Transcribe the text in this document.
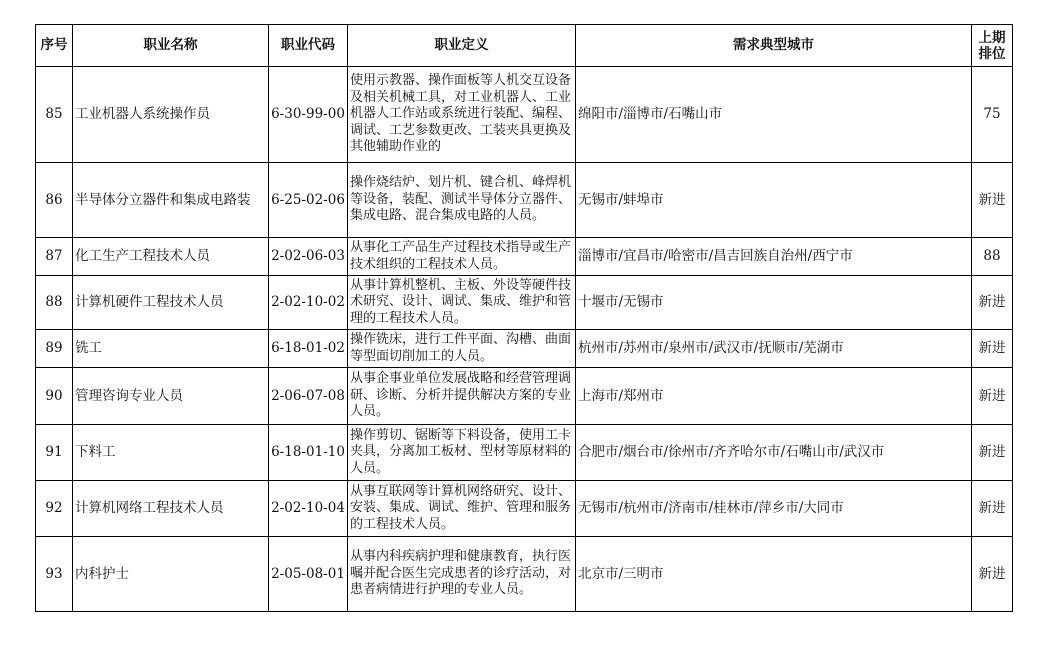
序号	职业名称	职业代码	职业定义	需求典型城市	上期
排位
85	工业机器人系统操作员	6-30-99-00	使用示教器、操作面板等人机交互设备及相关机械工具，对工业机器人、工业机器人工作站或系统进行装配、编程、调试、工艺参数更改、工装夹具更换及其他辅助作业的	绵阳市/淄博市/石嘴山市	75
86	半导体分立器件和集成电路装	6-25-02-06	操作烧结炉、划片机、键合机、峰焊机等设备，装配、测试半导体分立器件、集成电路、混合集成电路的人员。	无锡市/蚌埠市	新进
87	化工生产工程技术人员	2-02-06-03	从事化工产品生产过程技术指导或生产技术组织的工程技术人员。	淄博市/宜昌市/哈密市/昌吉回族自治州/西宁市	88
88	计算机硬件工程技术人员	2-02-10-02	从事计算机整机、主板、外设等硬件技术研究、设计、调试、集成、维护和管理的工程技术人员。	十堰市/无锡市	新进
89	铣工	6-18-01-02	操作铣床，进行工件平面、沟槽、曲面等型面切削加工的人员。	杭州市/苏州市/泉州市/武汉市/抚顺市/芜湖市	新进
90	管理咨询专业人员	2-06-07-08	从事企事业单位发展战略和经营管理调研、诊断、分析并提供解决方案的专业人员。	上海市/郑州市	新进
91	下料工	6-18-01-10	操作剪切、锯断等下料设备，使用工卡夹具，分离加工板材、型材等原材料的人员。	合肥市/烟台市/徐州市/齐齐哈尔市/石嘴山市/武汉市	新进
92	计算机网络工程技术人员	2-02-10-04	从事互联网等计算机网络研究、设计、安装、集成、调试、维护、管理和服务的工程技术人员。	无锡市/杭州市/济南市/桂林市/萍乡市/大同市	新进
93	内科护士	2-05-08-01	从事内科疾病护理和健康教育，执行医嘱并配合医生完成患者的诊疗活动，对患者病情进行护理的专业人员。	北京市/三明市	新进
